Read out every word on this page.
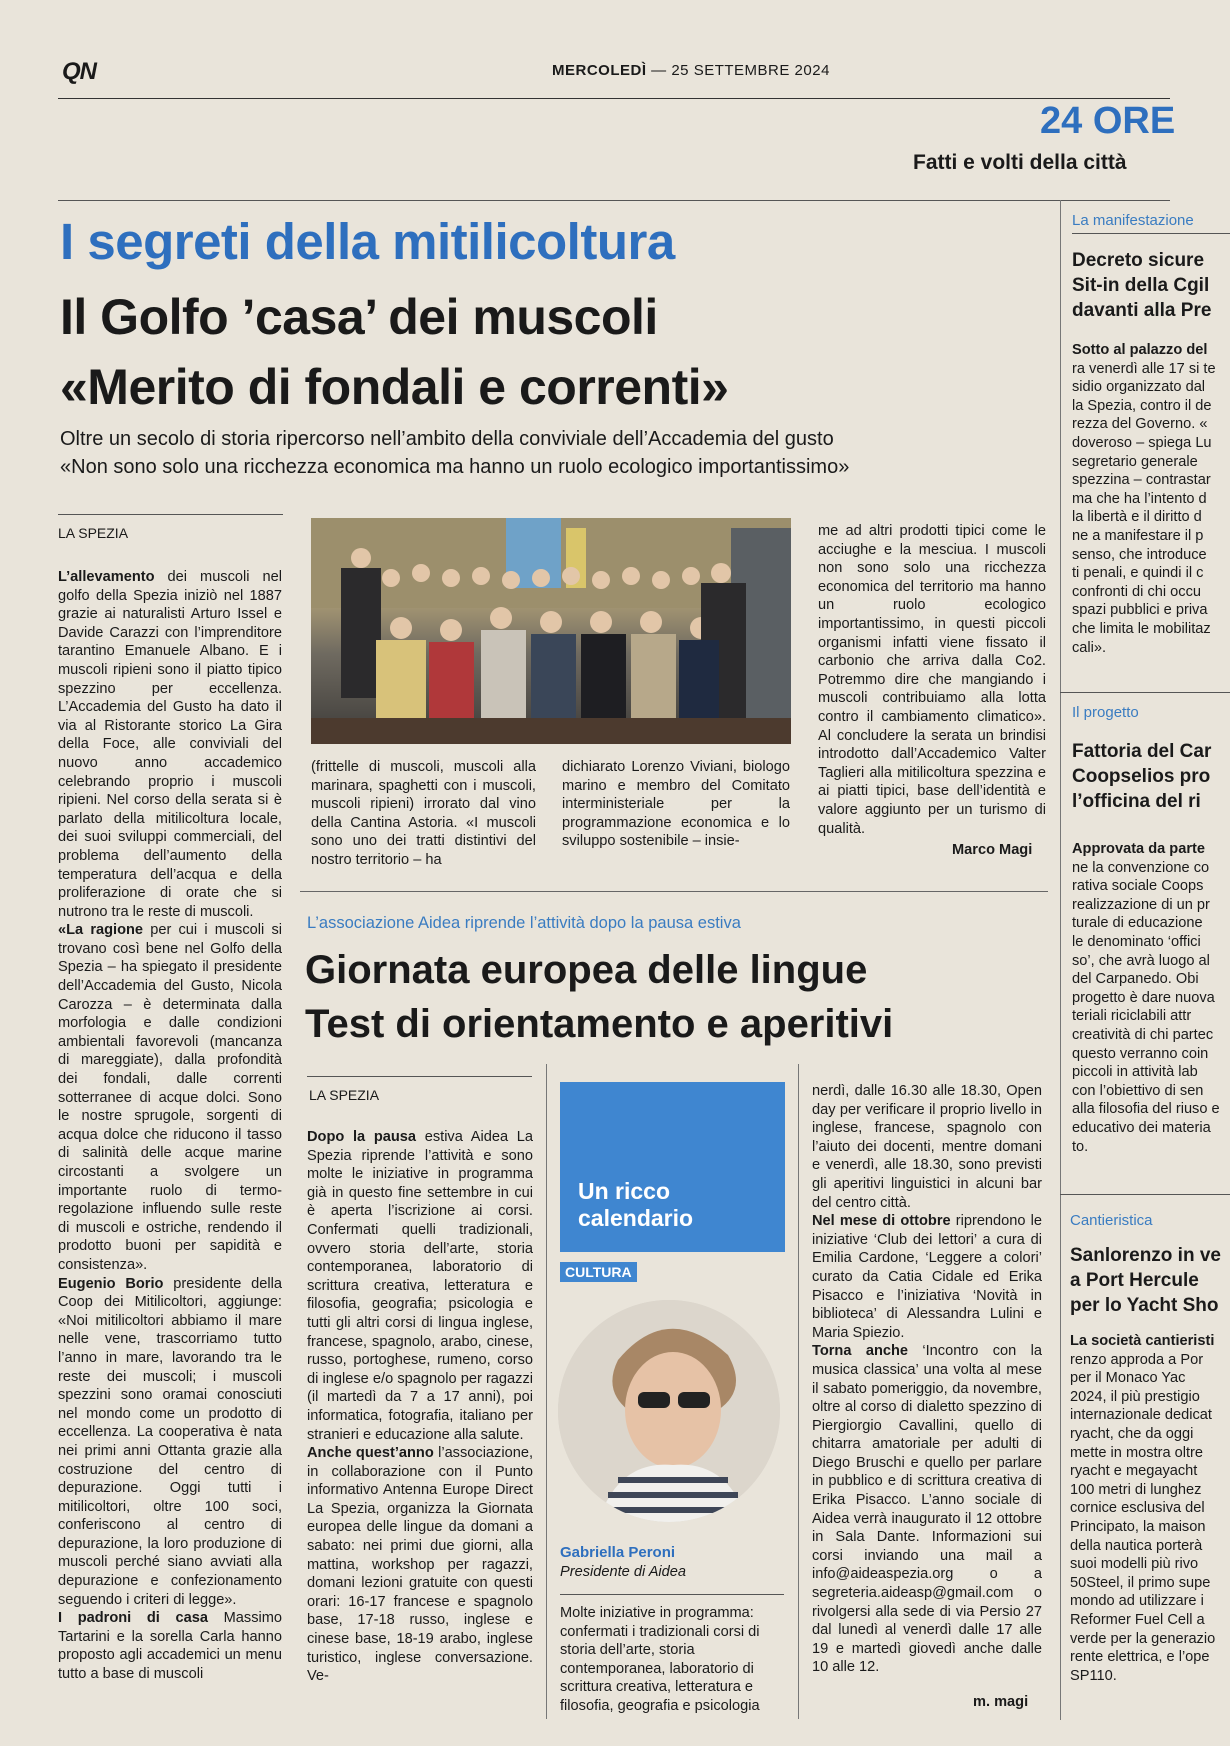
QN	MERCOLEDÌ — 25 SETTEMBRE 2024
24 ORE
Fatti e volti della città
I segreti della mitilicoltura
Il Golfo ’casa’ dei muscoli
«Merito di fondali e correnti»
Oltre un secolo di storia ripercorso nell’ambito della conviviale dell’Accademia del gusto
«Non sono solo una ricchezza economica ma hanno un ruolo ecologico importantissimo»
LA SPEZIA

L’allevamento dei muscoli nel golfo della Spezia iniziò nel 1887 grazie ai naturalisti Arturo Issel e Davide Carazzi con l’imprenditore tarantino Emanuele Albano. E i muscoli ripieni sono il piatto tipico spezzino per eccellenza. L’Accademia del Gusto ha dato il via al Ristorante storico La Gira della Foce, alle conviviali del nuovo anno accademico celebrando proprio i muscoli ripieni. Nel corso della serata si è parlato della mitilicoltura locale, dei suoi sviluppi commerciali, del problema dell’aumento della temperatura dell’acqua e della proliferazione di orate che si nutrono tra le reste di muscoli.

«La ragione per cui i muscoli si trovano così bene nel Golfo della Spezia – ha spiegato il presidente dell’Accademia del Gusto, Nicola Carozza – è determinata dalla morfologia e dalle condizioni ambientali favorevoli (mancanza di mareggiate), dalla profondità dei fondali, dalle correnti sotterranee di acque dolci. Sono le nostre sprugole, sorgenti di acqua dolce che riducono il tasso di salinità delle acque marine circostanti a svolgere un importante ruolo di termo-regolazione influendo sulle reste di muscoli e ostriche, rendendo il prodotto buoni per sapidità e consistenza».

Eugenio Borio presidente della Coop dei Mitilicoltori, aggiunge: «Noi mitilicoltori abbiamo il mare nelle vene, trascorriamo tutto l’anno in mare, lavorando tra le reste dei muscoli; i muscoli spezzini sono oramai conosciuti nel mondo come un prodotto di eccellenza. La cooperativa è nata nei primi anni Ottanta grazie alla costruzione del centro di depurazione. Oggi tutti i mitilicoltori, oltre 100 soci, conferiscono al centro di depurazione, la loro produzione di muscoli perché siano avviati alla depurazione e confezionamento seguendo i criteri di legge».

I padroni di casa Massimo Tartarini e la sorella Carla hanno proposto agli accademici un menu tutto a base di muscoli

(frittelle di muscoli, muscoli alla marinara, spaghetti con i muscoli, muscoli ripieni) irrorato dal vino della Cantina Astoria. «I muscoli sono uno dei tratti distintivi del nostro territorio – ha
dichiarato Lorenzo Viviani, biologo marino e membro del Comitato interministeriale per la programmazione economica e lo sviluppo sostenibile – insie-
me ad altri prodotti tipici come le acciughe e la mesciua. I muscoli non sono solo una ricchezza economica del territorio ma hanno un ruolo ecologico importantissimo, in questi piccoli organismi infatti viene fissato il carbonio che arriva dalla Co2. Potremmo dire che mangiando i muscoli contribuiamo alla lotta contro il cambiamento climatico». Al concludere la serata un brindisi introdotto dall’Accademico Valter Taglieri alla mitilicoltura spezzina e ai piatti tipici, base dell’identità e valore aggiunto per un turismo di qualità.
Marco Magi
L’associazione Aidea riprende l’attività dopo la pausa estiva
Giornata europea delle lingue
Test di orientamento e aperitivi
LA SPEZIA

Dopo la pausa estiva Aidea La Spezia riprende l’attività e sono molte le iniziative in programma già in questo fine settembre in cui è aperta l’iscrizione ai corsi. Confermati quelli tradizionali, ovvero storia dell’arte, storia contemporanea, laboratorio di scrittura creativa, letteratura e filosofia, geografia; psicologia e tutti gli altri corsi di lingua inglese, francese, spagnolo, arabo, cinese, russo, portoghese, rumeno, corso di inglese e/o spagnolo per ragazzi (il martedì da 7 a 17 anni), poi informatica, fotografia, italiano per stranieri e educazione alla salute.

Anche quest’anno l’associazione, in collaborazione con il Punto informativo Antenna Europe Direct La Spezia, organizza la Giornata europea delle lingue da domani a sabato: nei primi due giorni, alla mattina, workshop per ragazzi, domani lezioni gratuite con questi orari: 16-17 francese e spagnolo base, 17-18 russo, inglese e cinese base, 18-19 arabo, inglese turistico, inglese conversazione. Ve-

Un ricco calendario
CULTURA
Gabriella Peroni
Presidente di Aidea
Molte iniziative in programma: confermati i tradizionali corsi di storia dell’arte, storia contemporanea, laboratorio di scrittura creativa, letteratura e filosofia, geografia e psicologia

nerdì, dalle 16.30 alle 18.30, Open day per verificare il proprio livello in inglese, francese, spagnolo con l’aiuto dei docenti, mentre domani e venerdì, alle 18.30, sono previsti gli aperitivi linguistici in alcuni bar del centro città.

Nel mese di ottobre riprendono le iniziative ‘Club dei lettori’ a cura di Emilia Cardone, ‘Leggere a colori’ curato da Catia Cidale ed Erika Pisacco e l’iniziativa ‘Novità in biblioteca’ di Alessandra Lulini e Maria Spiezio.

Torna anche ‘Incontro con la musica classica’ una volta al mese il sabato pomeriggio, da novembre, oltre al corso di dialetto spezzino di Piergiorgio Cavallini, quello di chitarra amatoriale per adulti di Diego Bruschi e quello per parlare in pubblico e di scrittura creativa di Erika Pisacco. L’anno sociale di Aidea verrà inaugurato il 12 ottobre in Sala Dante. Informazioni sui corsi inviando una mail a info@aideaspezia.org o a segreteria.aideasp@gmail.com o rivolgersi alla sede di via Persio 27 dal lunedì al venerdì dalle 17 alle 19 e martedì giovedì anche dalle 10 alle 12.

m. magi
La manifestazione
Decreto sicure
Sit-in della Cgil
davanti alla Pre
Sotto al palazzo del
ra venerdì alle 17 si te
sidio organizzato dal
la Spezia, contro il de
rezza del Governo. «
doveroso – spiega Lu
segretario generale
spezzina – contrastar
ma che ha l’intento d
la libertà e il diritto d
ne a manifestare il p
senso, che introduce
ti penali, e quindi il c
confronti di chi occu
spazi pubblici e priva
che limita le mobilitaz
cali».
Il progetto
Fattoria del Car
Coopselios pro
l’officina del ri
Approvata da parte
ne la convenzione co
rativa sociale Coops
realizzazione di un pr
turale di educazione
le denominato ‘offici
so’, che avrà luogo al
del Carpanedo. Obi
progetto è dare nuova
teriali riciclabili attr
creatività di chi partec
questo verranno coin
piccoli in attività lab
con l’obiettivo di sen
alla filosofia del riuso e
educativo dei materia
to.
Cantieristica
Sanlorenzo in ve
a Port Hercule
per lo Yacht Sho
La società cantieristi
renzo approda a Por
per il Monaco Yac
2024, il più prestigio
internazionale dedicat
ryacht, che da oggi
mette in mostra oltre
ryacht e megayacht
100 metri di lunghez
cornice esclusiva del
Principato, la maison
della nautica porterà
suoi modelli più rivo
50Steel, il primo supe
mondo ad utilizzare i
Reformer Fuel Cell a
verde per la generazio
rente elettrica, e l’ope
SP110.
